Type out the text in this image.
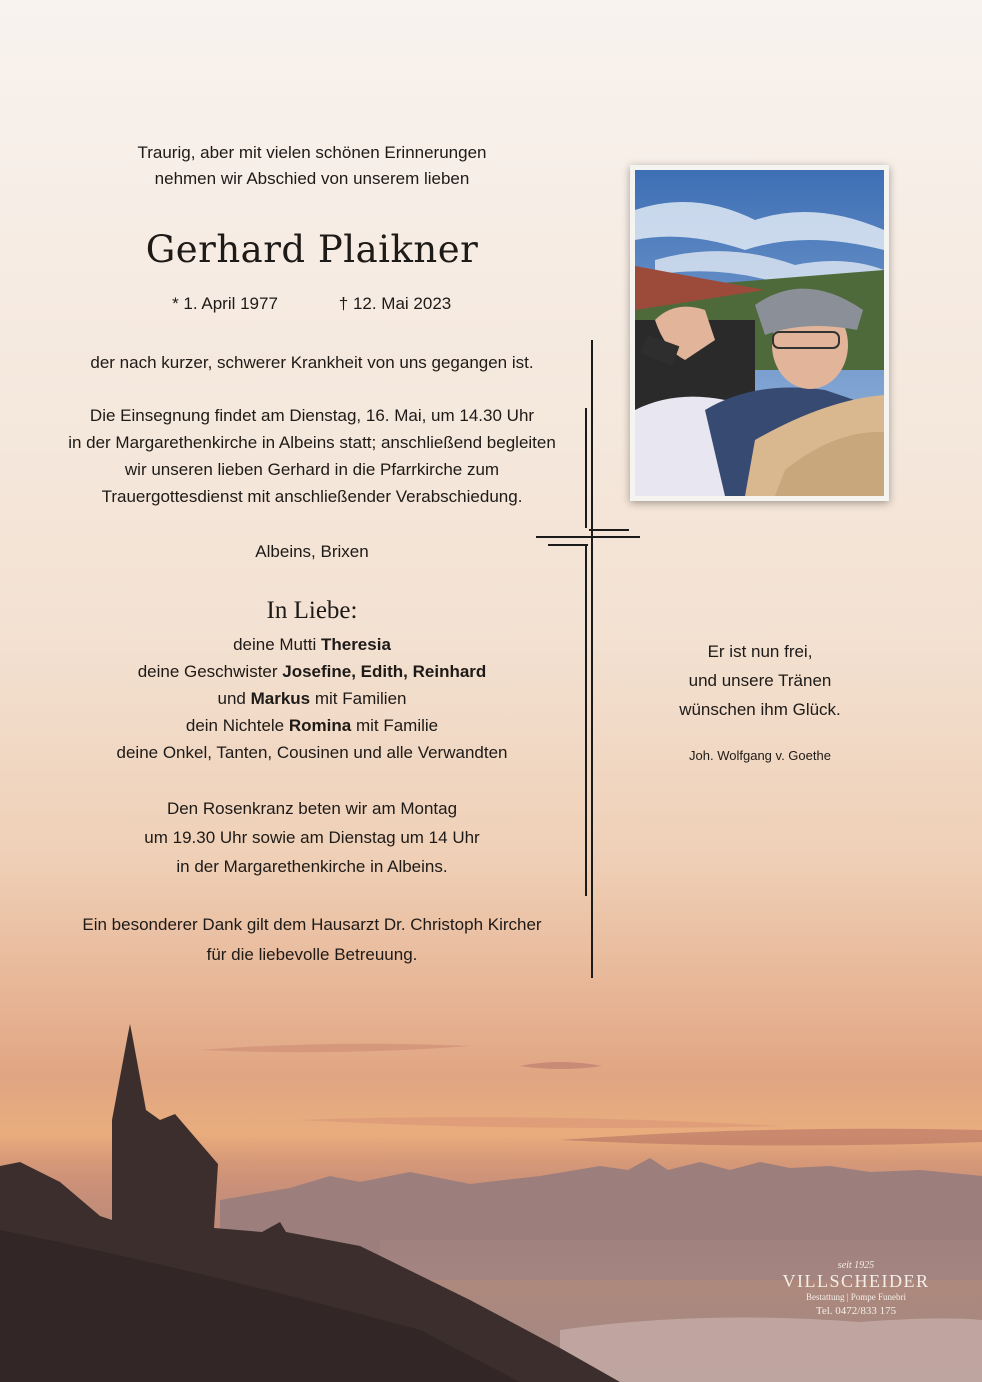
Traurig, aber mit vielen schönen Erinnerungen
nehmen wir Abschied von unserem lieben
Gerhard Plaikner
* 1. April 1977	† 12. Mai 2023
der nach kurzer, schwerer Krankheit von uns gegangen ist.
Die Einsegnung findet am Dienstag, 16. Mai, um 14.30 Uhr
in der Margarethenkirche in Albeins statt; anschließend begleiten
wir unseren lieben Gerhard in die Pfarrkirche zum
Trauergottesdienst mit anschließender Verabschiedung.
Albeins, Brixen
In Liebe:
deine Mutti Theresia
deine Geschwister Josefine, Edith, Reinhard
und Markus mit Familien
dein Nichtele Romina mit Familie
deine Onkel, Tanten, Cousinen und alle Verwandten
Den Rosenkranz beten wir am Montag
um 19.30 Uhr sowie am Dienstag um 14 Uhr
in der Margarethenkirche in Albeins.
Ein besonderer Dank gilt dem Hausarzt Dr. Christoph Kircher
für die liebevolle Betreuung.
Er ist nun frei,
und unsere Tränen
wünschen ihm Glück.
Joh. Wolfgang v. Goethe
seit 1925
VILLSCHEIDER
Bestattung | Pompe Funebri
Tel. 0472/833 175
